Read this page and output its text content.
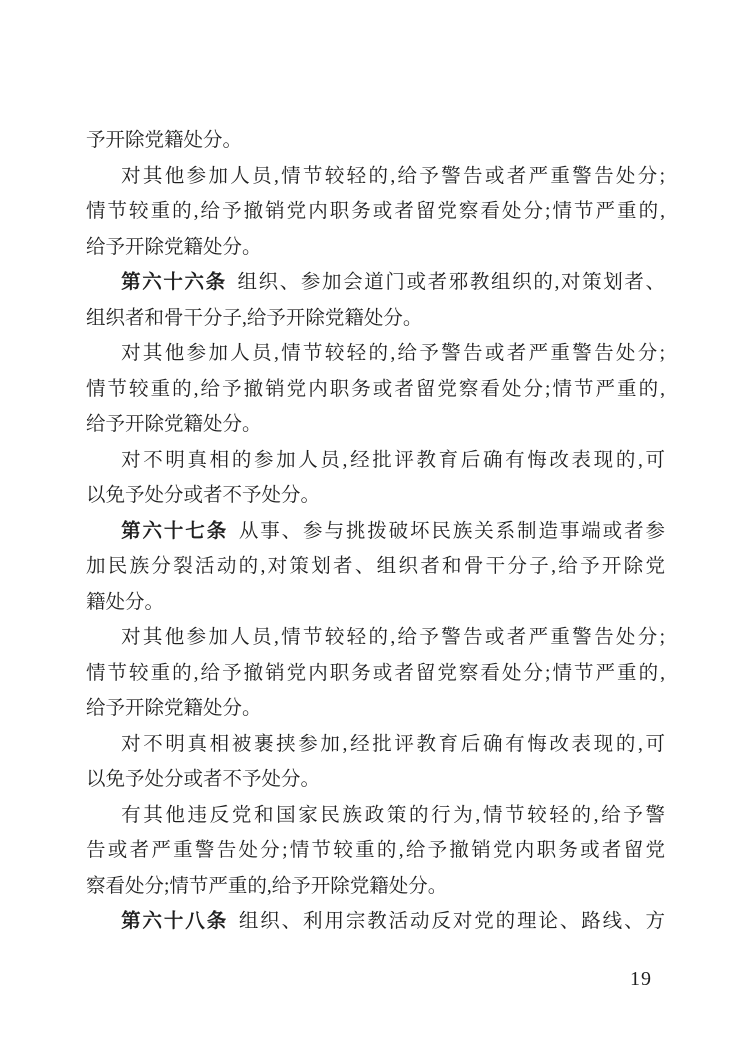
予开除党籍处分。
对其他参加人员,情节较轻的,给予警告或者严重警告处分;
情节较重的,给予撤销党内职务或者留党察看处分;情节严重的,
给予开除党籍处分。
第六十六条 组织、参加会道门或者邪教组织的,对策划者、
组织者和骨干分子,给予开除党籍处分。
对其他参加人员,情节较轻的,给予警告或者严重警告处分;
情节较重的,给予撤销党内职务或者留党察看处分;情节严重的,
给予开除党籍处分。
对不明真相的参加人员,经批评教育后确有悔改表现的,可
以免予处分或者不予处分。
第六十七条 从事、参与挑拨破坏民族关系制造事端或者参
加民族分裂活动的,对策划者、组织者和骨干分子,给予开除党
籍处分。
对其他参加人员,情节较轻的,给予警告或者严重警告处分;
情节较重的,给予撤销党内职务或者留党察看处分;情节严重的,
给予开除党籍处分。
对不明真相被裹挟参加,经批评教育后确有悔改表现的,可
以免予处分或者不予处分。
有其他违反党和国家民族政策的行为,情节较轻的,给予警
告或者严重警告处分;情节较重的,给予撤销党内职务或者留党
察看处分;情节严重的,给予开除党籍处分。
第六十八条 组织、利用宗教活动反对党的理论、路线、方
19
